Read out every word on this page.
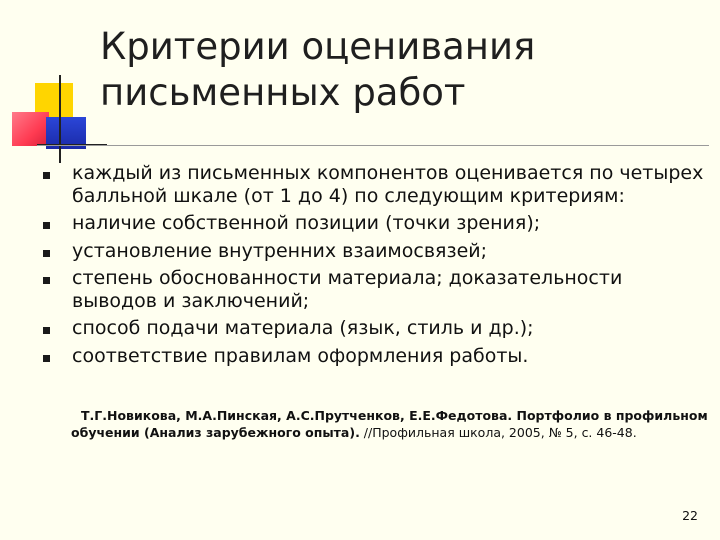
Критерии оценивания
письменных работ
каждый из письменных компонентов оценивается по четырех балльной шкале (от 1 до 4) по следующим критериям:
наличие собственной позиции (точки зрения);
установление внутренних взаимосвязей;
степень обоснованности материала; доказательности выводов и заключений;
способ подачи материала (язык, стиль и др.);
соответствие правилам оформления работы.

Т.Г.Новикова, М.А.Пинская, А.С.Прутченков, Е.Е.Федотова. Портфолио в профильном обучении (Анализ зарубежного опыта). //Профильная школа, 2005, № 5, с. 46-48.

22
